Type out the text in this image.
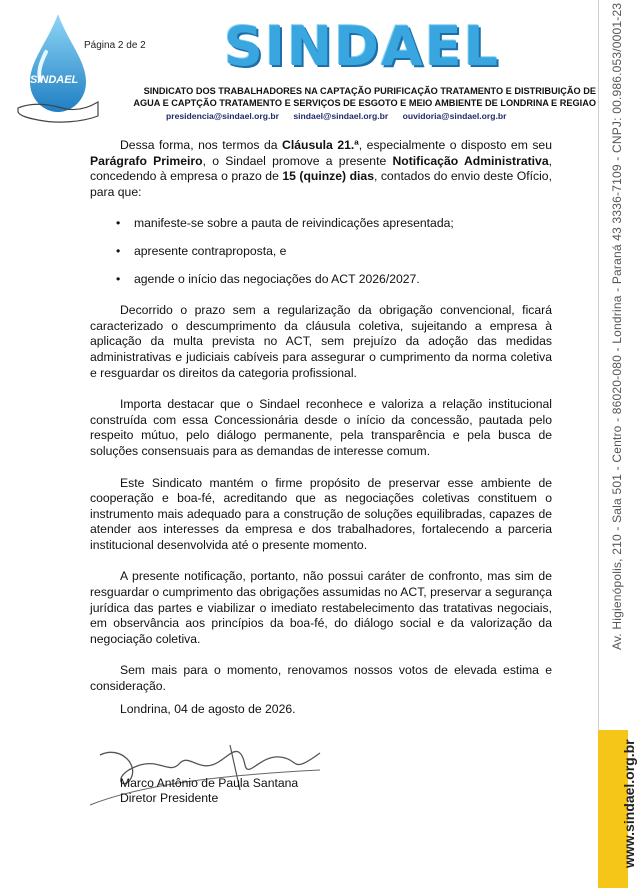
SINDAEL
Página 2 de 2 SINDAEL
SINDICATO DOS TRABALHADORES NA CAPTAÇÃO PURIFICAÇÃO TRATAMENTO E DISTRIBUIÇÃO DE
AGUA E CAPTÇÃO TRATAMENTO E SERVIÇOS DE ESGOTO E MEIO AMBIENTE DE LONDRINA E REGIAO
presidencia@sindael.org.br sindael@sindael.org.br ouvidoria@sindael.org.br	Av. Higienópolis, 210 - Sala 501 - Centro - 86020-080 - Londrina - Paraná 43 3336-7109 - CNPJ: 00.986.053/0001-23
www.sindael.org.br

Dessa forma, nos termos da Cláusula 21.ª, especialmente o disposto em seu Parágrafo Primeiro, o Sindael promove a presente Notificação Administrativa, concedendo à empresa o prazo de 15 (quinze) dias, contados do envio deste Ofício, para que:

• manifeste-se sobre a pauta de reivindicações apresentada;
• apresente contraproposta, e
• agende o início das negociações do ACT 2026/2027.

Decorrido o prazo sem a regularização da obrigação convencional, ficará caracterizado o descumprimento da cláusula coletiva, sujeitando a empresa à aplicação da multa prevista no ACT, sem prejuízo da adoção das medidas administrativas e judiciais cabíveis para assegurar o cumprimento da norma coletiva e resguardar os direitos da categoria profissional.

Importa destacar que o Sindael reconhece e valoriza a relação institucional construída com essa Concessionária desde o início da concessão, pautada pelo respeito mútuo, pelo diálogo permanente, pela transparência e pela busca de soluções consensuais para as demandas de interesse comum.

Este Sindicato mantém o firme propósito de preservar esse ambiente de cooperação e boa-fé, acreditando que as negociações coletivas constituem o instrumento mais adequado para a construção de soluções equilibradas, capazes de atender aos interesses da empresa e dos trabalhadores, fortalecendo a parceria institucional desenvolvida até o presente momento.

A presente notificação, portanto, não possui caráter de confronto, mas sim de resguardar o cumprimento das obrigações assumidas no ACT, preservar a segurança jurídica das partes e viabilizar o imediato restabelecimento das tratativas negociais, em observância aos princípios da boa-fé, do diálogo social e da valorização da negociação coletiva.

Sem mais para o momento, renovamos nossos votos de elevada estima e consideração.

Londrina, 04 de agosto de 2026.
Marco Antônio de Paula Santana
Diretor Presidente
